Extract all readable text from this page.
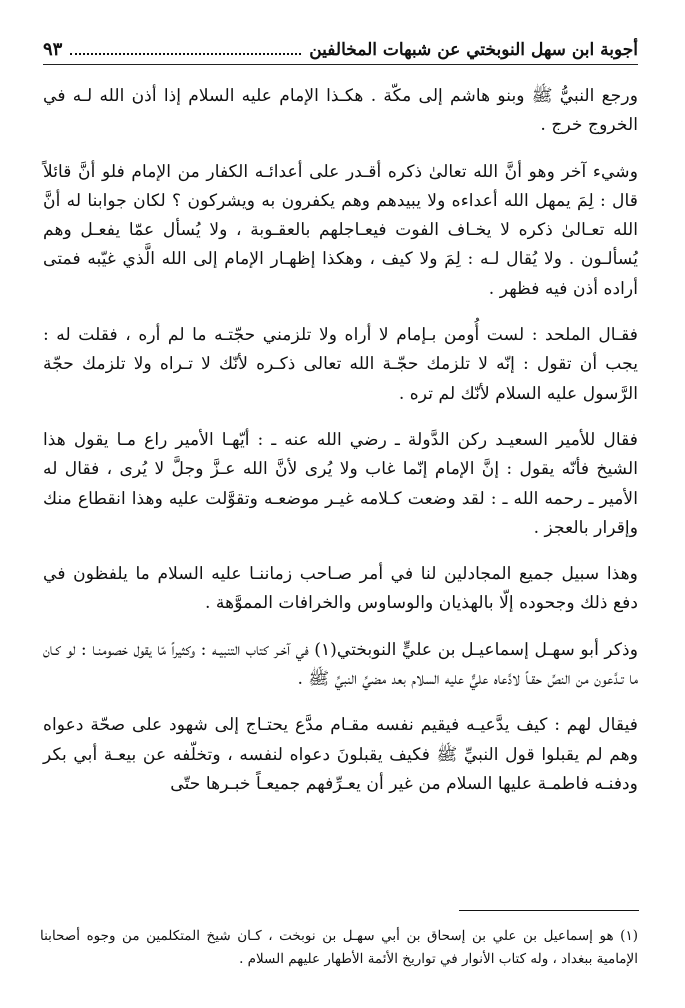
أجوبة ابن سهل النوبختي عن شبهات المخالفين
٩٣

ورجع النبيُّ ﷺ وبنو هاشم إلى مكّة . هكـذا الإمام عليه السلام إذا أذن الله لـه في الخروج خرج .

وشيء آخر وهو أنَّ الله تعالىٰ ذكره أقـدر على أعدائـه الكفار من الإمام فلو أنَّ قائلاً قال : لِمَ يمهل الله أعداءه ولا يبيدهم وهم يكفرون به ويشركون ؟ لكان جوابنا له أنَّ الله تعـالىٰ ذكره لا يخـاف الفوت فيعـاجلهم بالعقـوبة ، ولا يُسأل عمّا يفعـل وهم يُسألـون . ولا يُقال لـه : لِمَ ولا كيف ، وهكذا إظهـار الإمام إلى الله الَّذي غيّبه فمتى أراده أذن فيه فظهر .

فقـال الملحد : لست أُومن بـإمام لا أراه ولا تلزمني حجّتـه ما لم أره ، فقلت له : يجب أن تقول : إنّه لا تلزمك حجّـة الله تعالى ذكـره لأنّك لا تـراه ولا تلزمك حجّة الرَّسول عليه السلام لأنّك لم تره .

فقال للأمير السعيـد ركن الدَّولة ـ رضي الله عنه ـ : أيّهـا الأمير راع مـا يقول هذا الشيخ فأنّه يقول : إنَّ الإمام إنّما غاب ولا يُرى لأنَّ الله عـزَّ وجلَّ لا يُرى ، فقال له الأمير ـ رحمه الله ـ : لقد وضعت كـلامه غيـر موضعـه وتقوَّلت عليه وهذا انقطاع منك وإقرار بالعجز .

وهذا سبيل جميع المجادلين لنا في أمر صـاحب زماننـا عليه السلام ما يلفظون في دفع ذلك وجحوده إلّا بالهذيان والوساوس والخرافات المموَّهة .

وذكر أبو سهـل إسماعيـل بن عليٍّ النوبختي(١) في آخـر كتاب التنبيـه : وكثيراً مّا يقول خصومنـا : لو كـان ما تـدَّعون من النصِّ حقـاً لادَّعاه عليٌّ عليه السلام بعد مضيِّ النبيِّ ﷺ .

فيقال لهم : كيف يدَّعيـه فيقيم نفسه مقـام مدَّع يحتـاج إلى شهود على صحّة دعواه وهم لم يقبلوا قول النبيِّ ﷺ فكيف يقبلونَ دعواه لنفسه ، وتخلّفه عن بيعـة أبي بكر ودفنـه فاطمـة عليها السلام من غير أن يعـرِّفهم جميعـاً خبـرها حتّى

(١) هو إسماعيل بن علي بن إسحاق بن أبي سهـل بن نوبخت ، كـان شيخ المتكلمين من وجوه أصحابنا الإمامية ببغداد ، وله كتاب الأنوار في تواريخ الأئمة الأطهار عليهم السلام .
